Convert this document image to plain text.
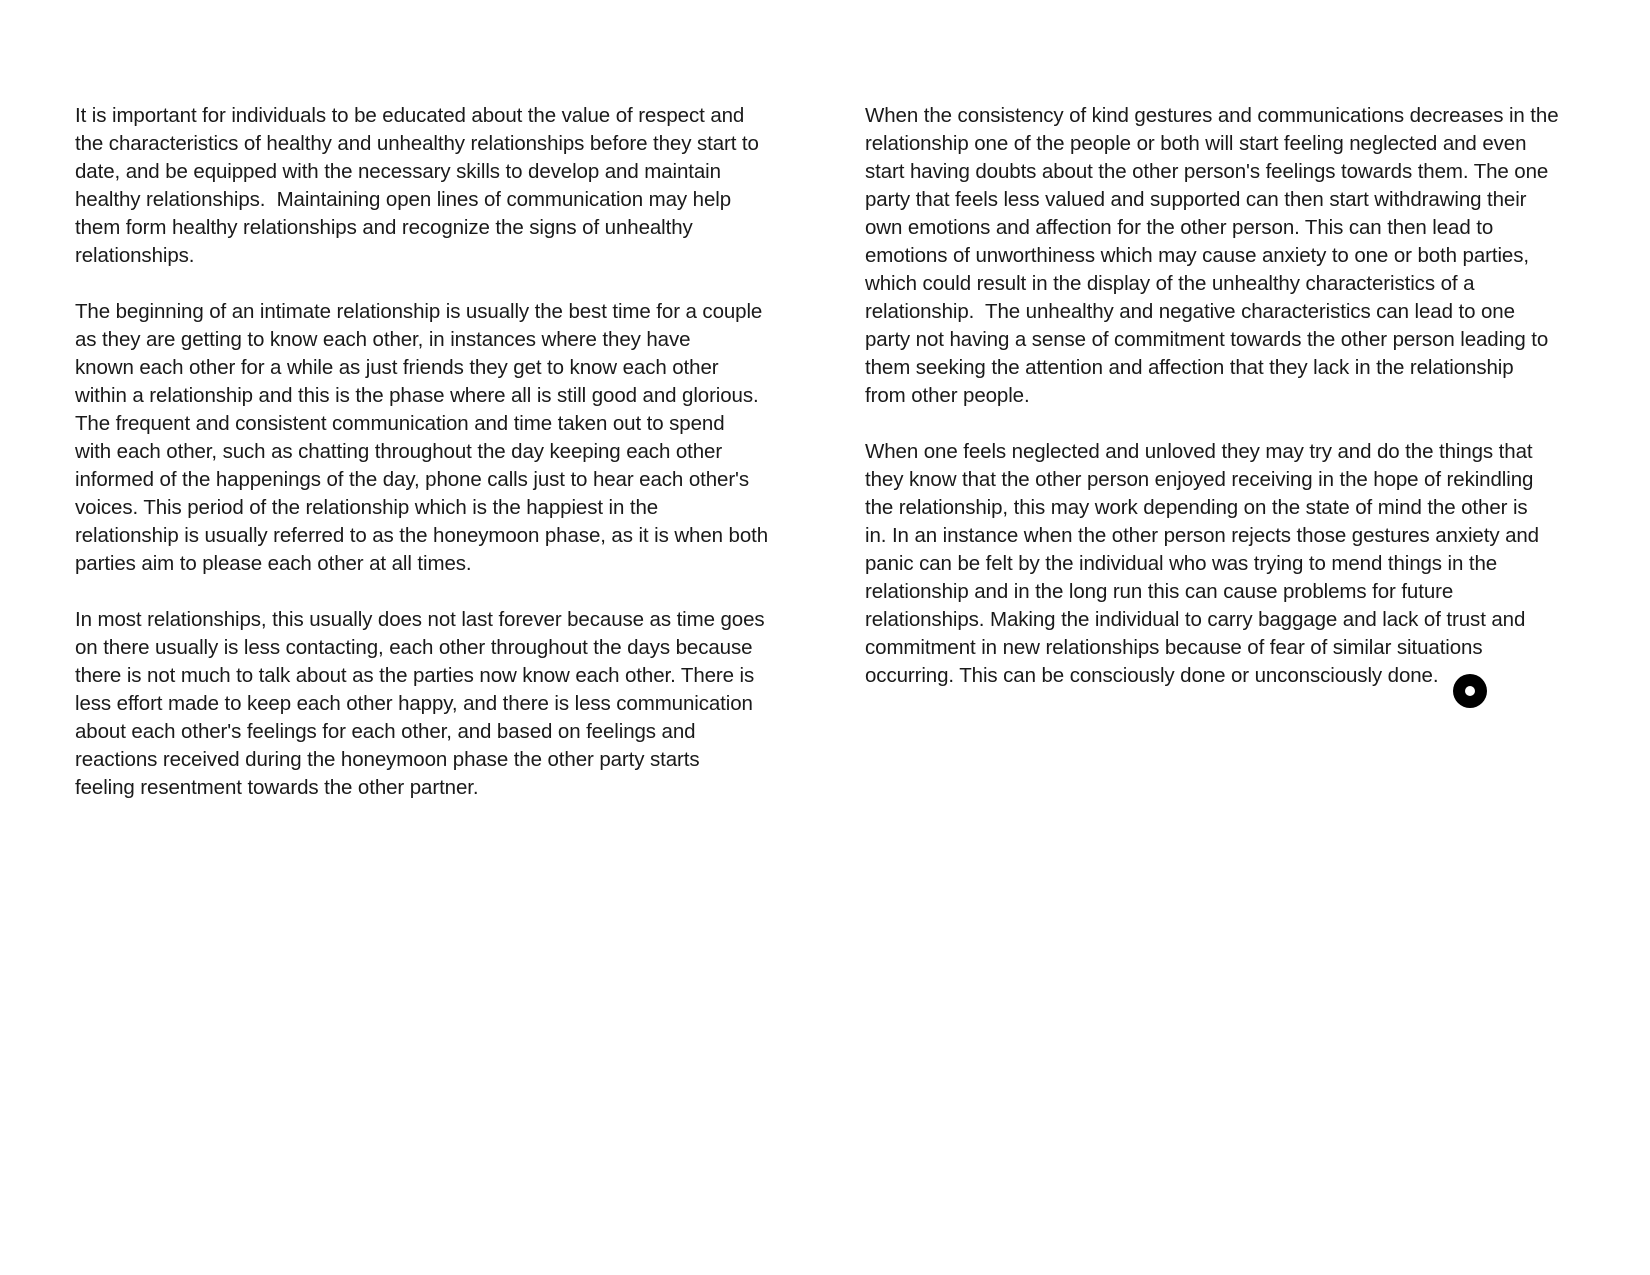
It is important for individuals to be educated about the value of respect and
the characteristics of healthy and unhealthy relationships before they start to
date, and be equipped with the necessary skills to develop and maintain
healthy relationships.  Maintaining open lines of communication may help
them form healthy relationships and recognize the signs of unhealthy
relationships.

The beginning of an intimate relationship is usually the best time for a couple
as they are getting to know each other, in instances where they have
known each other for a while as just friends they get to know each other
within a relationship and this is the phase where all is still good and glorious.
The frequent and consistent communication and time taken out to spend
with each other, such as chatting throughout the day keeping each other
informed of the happenings of the day, phone calls just to hear each other's
voices. This period of the relationship which is the happiest in the
relationship is usually referred to as the honeymoon phase, as it is when both
parties aim to please each other at all times.

In most relationships, this usually does not last forever because as time goes
on there usually is less contacting, each other throughout the days because
there is not much to talk about as the parties now know each other. There is
less effort made to keep each other happy, and there is less communication
about each other's feelings for each other, and based on feelings and
reactions received during the honeymoon phase the other party starts
feeling resentment towards the other partner.

When the consistency of kind gestures and communications decreases in the
relationship one of the people or both will start feeling neglected and even
start having doubts about the other person's feelings towards them. The one
party that feels less valued and supported can then start withdrawing their
own emotions and affection for the other person. This can then lead to
emotions of unworthiness which may cause anxiety to one or both parties,
which could result in the display of the unhealthy characteristics of a
relationship.  The unhealthy and negative characteristics can lead to one
party not having a sense of commitment towards the other person leading to
them seeking the attention and affection that they lack in the relationship
from other people.

When one feels neglected and unloved they may try and do the things that
they know that the other person enjoyed receiving in the hope of rekindling
the relationship, this may work depending on the state of mind the other is
in. In an instance when the other person rejects those gestures anxiety and
panic can be felt by the individual who was trying to mend things in the
relationship and in the long run this can cause problems for future
relationships. Making the individual to carry baggage and lack of trust and
commitment in new relationships because of fear of similar situations
occurring. This can be consciously done or unconsciously done.
